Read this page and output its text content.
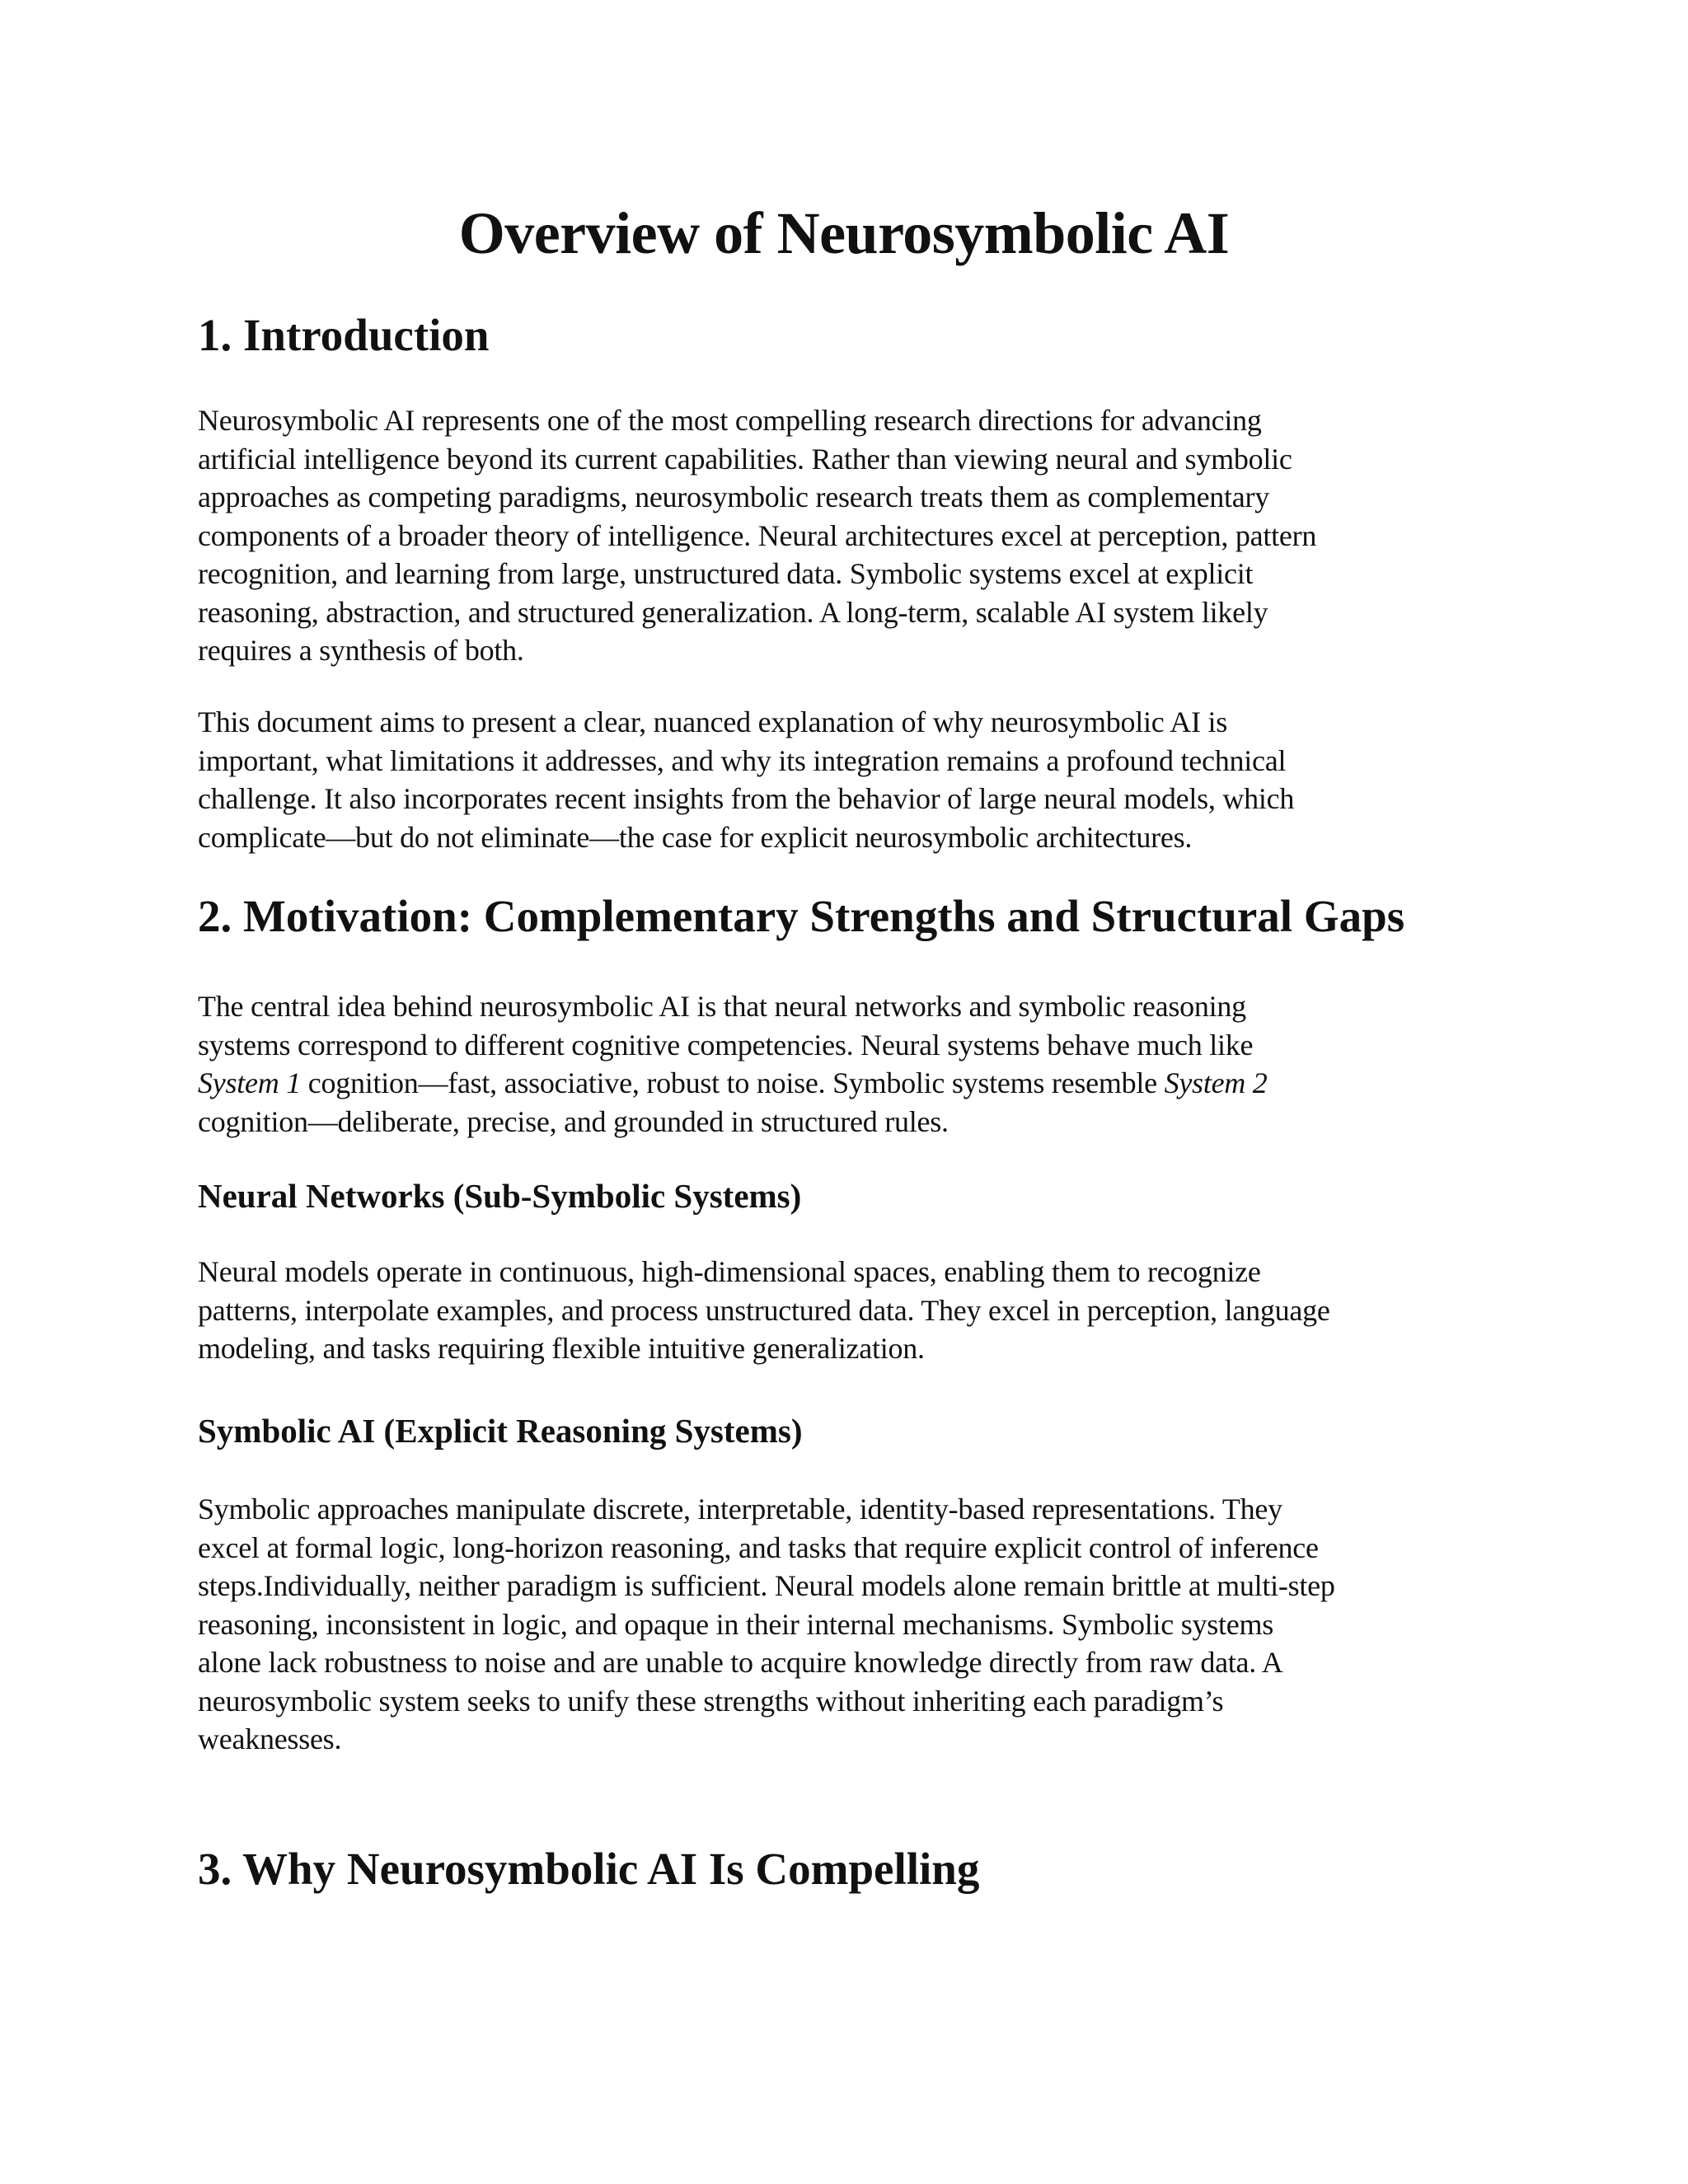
Overview of Neurosymbolic AI
1. Introduction

Neurosymbolic AI represents one of the most compelling research directions for advancing
artificial intelligence beyond its current capabilities. Rather than viewing neural and symbolic
approaches as competing paradigms, neurosymbolic research treats them as complementary
components of a broader theory of intelligence. Neural architectures excel at perception, pattern
recognition, and learning from large, unstructured data. Symbolic systems excel at explicit
reasoning, abstraction, and structured generalization. A long-term, scalable AI system likely
requires a synthesis of both.

This document aims to present a clear, nuanced explanation of why neurosymbolic AI is
important, what limitations it addresses, and why its integration remains a profound technical
challenge. It also incorporates recent insights from the behavior of large neural models, which
complicate—but do not eliminate—the case for explicit neurosymbolic architectures.

2. Motivation: Complementary Strengths and Structural Gaps

The central idea behind neurosymbolic AI is that neural networks and symbolic reasoning
systems correspond to different cognitive competencies. Neural systems behave much like
System 1 cognition—fast, associative, robust to noise. Symbolic systems resemble System 2
cognition—deliberate, precise, and grounded in structured rules.

Neural Networks (Sub-Symbolic Systems)

Neural models operate in continuous, high-dimensional spaces, enabling them to recognize
patterns, interpolate examples, and process unstructured data. They excel in perception, language
modeling, and tasks requiring flexible intuitive generalization.

Symbolic AI (Explicit Reasoning Systems)

Symbolic approaches manipulate discrete, interpretable, identity-based representations. They
excel at formal logic, long-horizon reasoning, and tasks that require explicit control of inference
steps.Individually, neither paradigm is sufficient. Neural models alone remain brittle at multi-step
reasoning, inconsistent in logic, and opaque in their internal mechanisms. Symbolic systems
alone lack robustness to noise and are unable to acquire knowledge directly from raw data. A
neurosymbolic system seeks to unify these strengths without inheriting each paradigm’s
weaknesses.

3. Why Neurosymbolic AI Is Compelling
